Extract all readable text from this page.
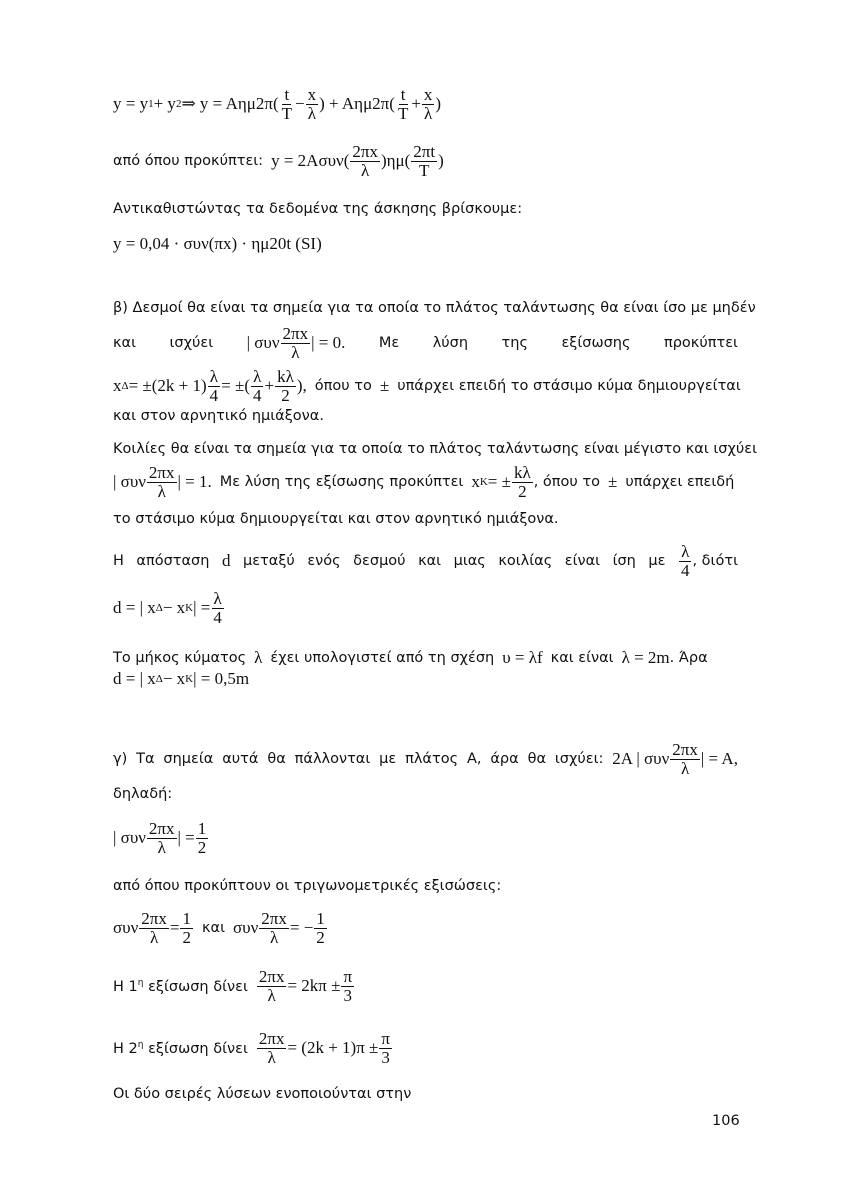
y = y 1 + y 2 ⇒ $y = A\eta\mu 2\pi( \frac{t}{T} - \frac{x}{\lambda}$ ) + $A\eta\mu 2\pi( \frac{t}{T} + \frac{x}{\lambda}$ )
από όπου προκύπτει: $y = 2A\sigma\upsilon\nu( \frac{2\pi x}{\lambda} )\eta\mu( \frac{2\pi t}{T}$ )
Αντικαθιστώντας τα δεδομένα της άσκησης βρίσκουμε:
y = 0,04 · συν(πx) · ημ20t (SI)
β) Δεσμοί θα είναι τα σημεία για τα οποία το πλάτος ταλάντωσης θα είναι ίσο με μηδέν
και ισχύει | συν $\frac{2\pi x}{\lambda}$ | = 0. Με λύση της εξίσωσης προκύπτει
x $\Delta = \pm(2k + 1) \frac{\lambda}{4}$ = ±( $\frac{\lambda}{4} + \frac{k\lambda}{2}$ ), όπου το ± υπάρχει επειδή το στάσιμο κύμα δημιουργείται
και στον αρνητικό ημιάξονα.
Κοιλίες θα είναι τα σημεία για τα οποία το πλάτος ταλάντωσης είναι μέγιστο και ισχύει
| συν $\frac{2\pi x}{\lambda}$ | = 1. Με λύση της εξίσωσης προκύπτει x K = ± $\frac{k\lambda}{2}$ , όπου το ± υπάρχει επειδή
το στάσιμο κύμα δημιουργείται και στον αρνητικό ημιάξονα.
Η απόσταση d μεταξύ ενός δεσμού και μιας κοιλίας είναι ίση με $\frac{\lambda}{4}$ , διότι
d = | x Δ − x K | = $\frac{\lambda}{4}$
Το μήκος κύματος λ έχει υπολογιστεί από τη σχέση υ = λf και είναι λ = 2m . Άρα
d = | x Δ − x K | = 0,5m
γ) Τα σημεία αυτά θα πάλλονται με πλάτος Α, άρα θα ισχύει: 2A | συν $\frac{2\pi x}{\lambda}$ | = A,
δηλαδή:
| συν $\frac{2\pi x}{\lambda}$ | = $\frac{1}{2}$
από όπου προκύπτουν οι τριγωνομετρικές εξισώσεις:
συν $\frac{2\pi x}{\lambda} = \frac{1}{2}$ και συν $\frac{2\pi x}{\lambda}$ = − $\frac{1}{2}$
Η $1^\eta$ εξίσωση δίνει $\frac{2\pi x}{\lambda} = 2k\pi \pm \frac{\pi}{3}$
Η $2^\eta$ εξίσωση δίνει $\frac{2\pi x}{\lambda} = (2k + 1)\pi \pm \frac{\pi}{3}$
Οι δύο σειρές λύσεων ενοποιούνται στην
106
